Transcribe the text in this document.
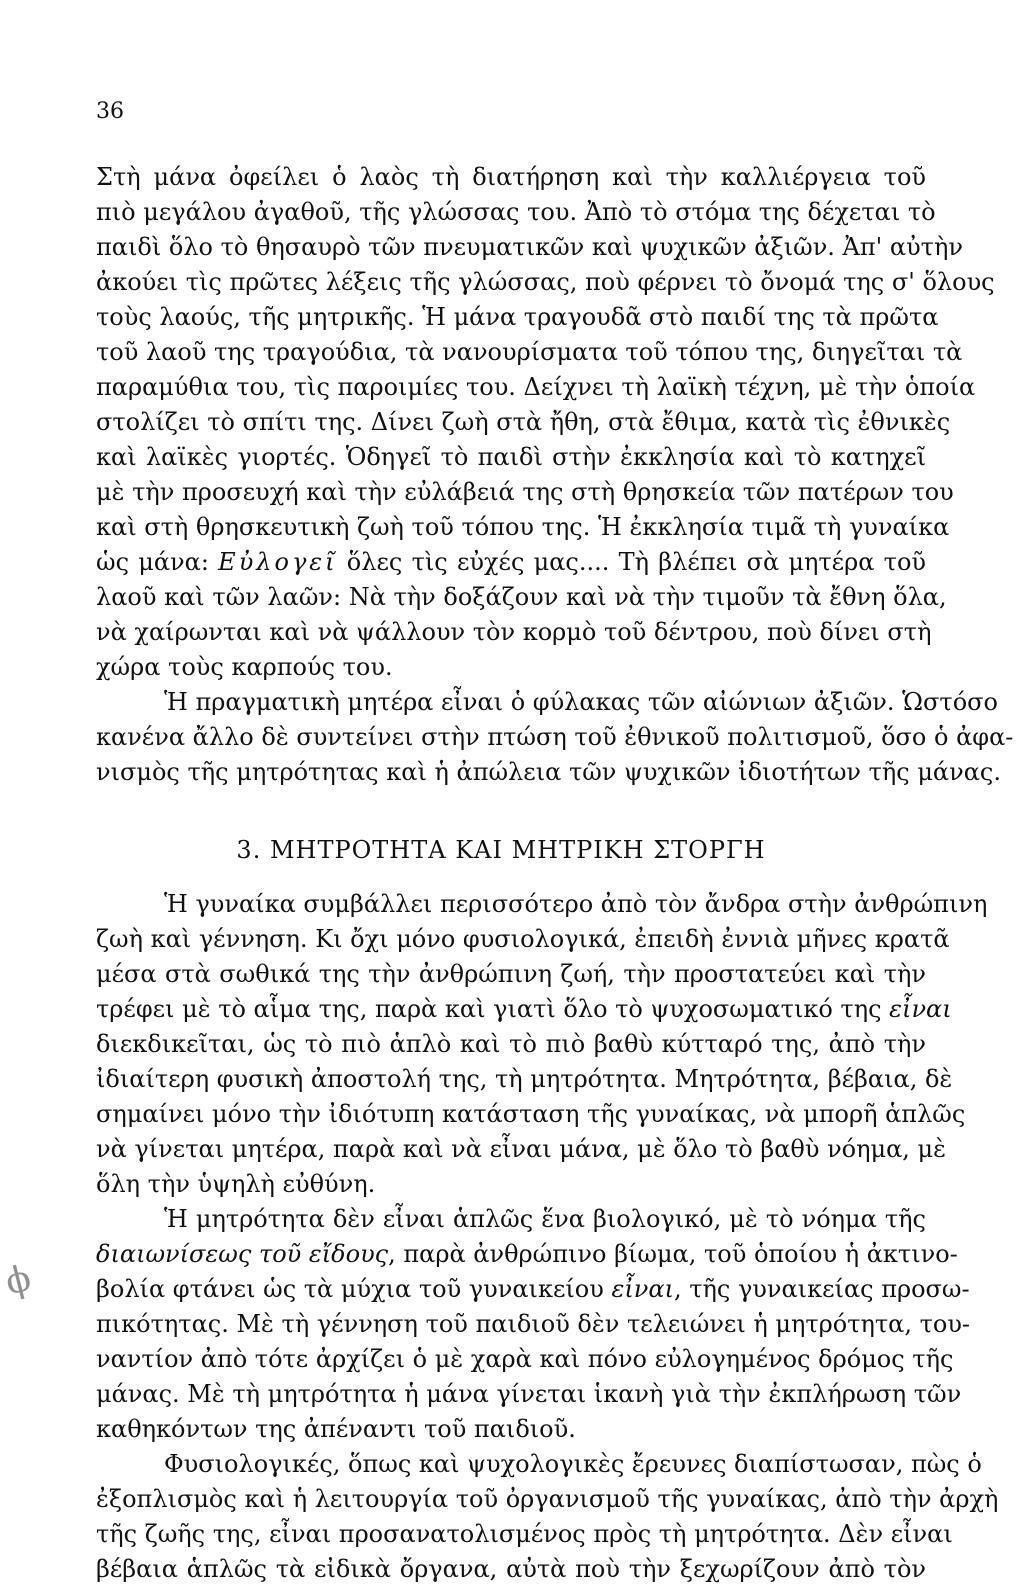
36

Στὴ μάνα ὀφείλει ὁ λαὸς τὴ διατήρηση καὶ τὴν καλλιέργεια τοῦ

πιὸ μεγάλου ἀγαθοῦ, τῆς γλώσσας του. Ἀπὸ τὸ στόμα της δέχεται τὸ

παιδὶ ὅλο τὸ θησαυρὸ τῶν πνευματικῶν καὶ ψυχικῶν ἀξιῶν. Ἀπ' αὐτὴν

ἀκούει τὶς πρῶτες λέξεις τῆς γλώσσας, ποὺ φέρνει τὸ ὄνομά της σ' ὅλους

τοὺς λαούς, τῆς μητρικῆς. Ἡ μάνα τραγουδᾶ στὸ παιδί της τὰ πρῶτα

τοῦ λαοῦ της τραγούδια, τὰ νανουρίσματα τοῦ τόπου της, διηγεῖται τὰ

παραμύθια του, τὶς παροιμίες του. Δείχνει τὴ λαϊκὴ τέχνη, μὲ τὴν ὁποία

στολίζει τὸ σπίτι της. Δίνει ζωὴ στὰ ἤθη, στὰ ἔθιμα, κατὰ τὶς ἐθνικὲς

καὶ λαϊκὲς γιορτές. Ὁδηγεῖ τὸ παιδὶ στὴν ἐκκλησία καὶ τὸ κατηχεῖ

μὲ τὴν προσευχή καὶ τὴν εὐλάβειά της στὴ θρησκεία τῶν πατέρων του

καὶ στὴ θρησκευτικὴ ζωὴ τοῦ τόπου της. Ἡ ἐκκλησία τιμᾶ τὴ γυναίκα

ὡς μάνα: Εὐλογεῖ ὅλες τὶς εὐχές μας.... Τὴ βλέπει σὰ μητέρα τοῦ

λαοῦ καὶ τῶν λαῶν: Νὰ τὴν δοξάζουν καὶ νὰ τὴν τιμοῦν τὰ ἔθνη ὅλα,

νὰ χαίρωνται καὶ νὰ ψάλλουν τὸν κορμὸ τοῦ δέντρου, ποὺ δίνει στὴ

χώρα τοὺς καρπούς του.

Ἡ πραγματικὴ μητέρα εἶναι ὁ φύλακας τῶν αἰώνιων ἀξιῶν. Ὡστόσο

κανένα ἄλλο δὲ συντείνει στὴν πτώση τοῦ ἐθνικοῦ πολιτισμοῦ, ὅσο ὁ ἀφα-

νισμὸς τῆς μητρότητας καὶ ἡ ἀπώλεια τῶν ψυχικῶν ἰδιοτήτων τῆς μάνας.

3. ΜΗΤΡΟΤΗΤΑ ΚΑΙ ΜΗΤΡΙΚΗ ΣΤΟΡΓΗ

Ἡ γυναίκα συμβάλλει περισσότερο ἀπὸ τὸν ἄνδρα στὴν ἀνθρώπινη

ζωὴ καὶ γέννηση. Κι ὄχι μόνο φυσιολογικά, ἐπειδὴ ἐννιὰ μῆνες κρατᾶ

μέσα στὰ σωθικά της τὴν ἀνθρώπινη ζωή, τὴν προστατεύει καὶ τὴν

τρέφει μὲ τὸ αἷμα της, παρὰ καὶ γιατὶ ὅλο τὸ ψυχοσωματικό της εἶναι

διεκδικεῖται, ὡς τὸ πιὸ ἁπλὸ καὶ τὸ πιὸ βαθὺ κύτταρό της, ἀπὸ τὴν

ἰδιαίτερη φυσικὴ ἀποστολή της, τὴ μητρότητα. Μητρότητα, βέβαια, δὲ

σημαίνει μόνο τὴν ἰδιότυπη κατάσταση τῆς γυναίκας, νὰ μπορῆ ἁπλῶς

νὰ γίνεται μητέρα, παρὰ καὶ νὰ εἶναι μάνα, μὲ ὅλο τὸ βαθὺ νόημα, μὲ

ὅλη τὴν ὑψηλὴ εὐθύνη.

Ἡ μητρότητα δὲν εἶναι ἁπλῶς ἕνα βιολογικό, μὲ τὸ νόημα τῆς

διαιωνίσεως τοῦ εἴδους, παρὰ ἀνθρώπινο βίωμα, τοῦ ὁποίου ἡ ἀκτινο-

βολία φτάνει ὡς τὰ μύχια τοῦ γυναικείου εἶναι, τῆς γυναικείας προσω-

πικότητας. Μὲ τὴ γέννηση τοῦ παιδιοῦ δὲν τελειώνει ἡ μητρότητα, του-

ναντίον ἀπὸ τότε ἀρχίζει ὁ μὲ χαρὰ καὶ πόνο εὐλογημένος δρόμος τῆς

μάνας. Μὲ τὴ μητρότητα ἡ μάνα γίνεται ἱκανὴ γιὰ τὴν ἐκπλήρωση τῶν

καθηκόντων της ἀπέναντι τοῦ παιδιοῦ.

Φυσιολογικές, ὅπως καὶ ψυχολογικὲς ἔρευνες διαπίστωσαν, πὼς ὁ

ἐξοπλισμὸς καὶ ἡ λειτουργία τοῦ ὀργανισμοῦ τῆς γυναίκας, ἀπὸ τὴν ἀρχὴ

τῆς ζωῆς της, εἶναι προσανατολισμένος πρὸς τὴ μητρότητα. Δὲν εἶναι

βέβαια ἁπλῶς τὰ εἰδικὰ ὄργανα, αὐτὰ ποὺ τὴν ξεχωρίζουν ἀπὸ τὸν

ϕ
